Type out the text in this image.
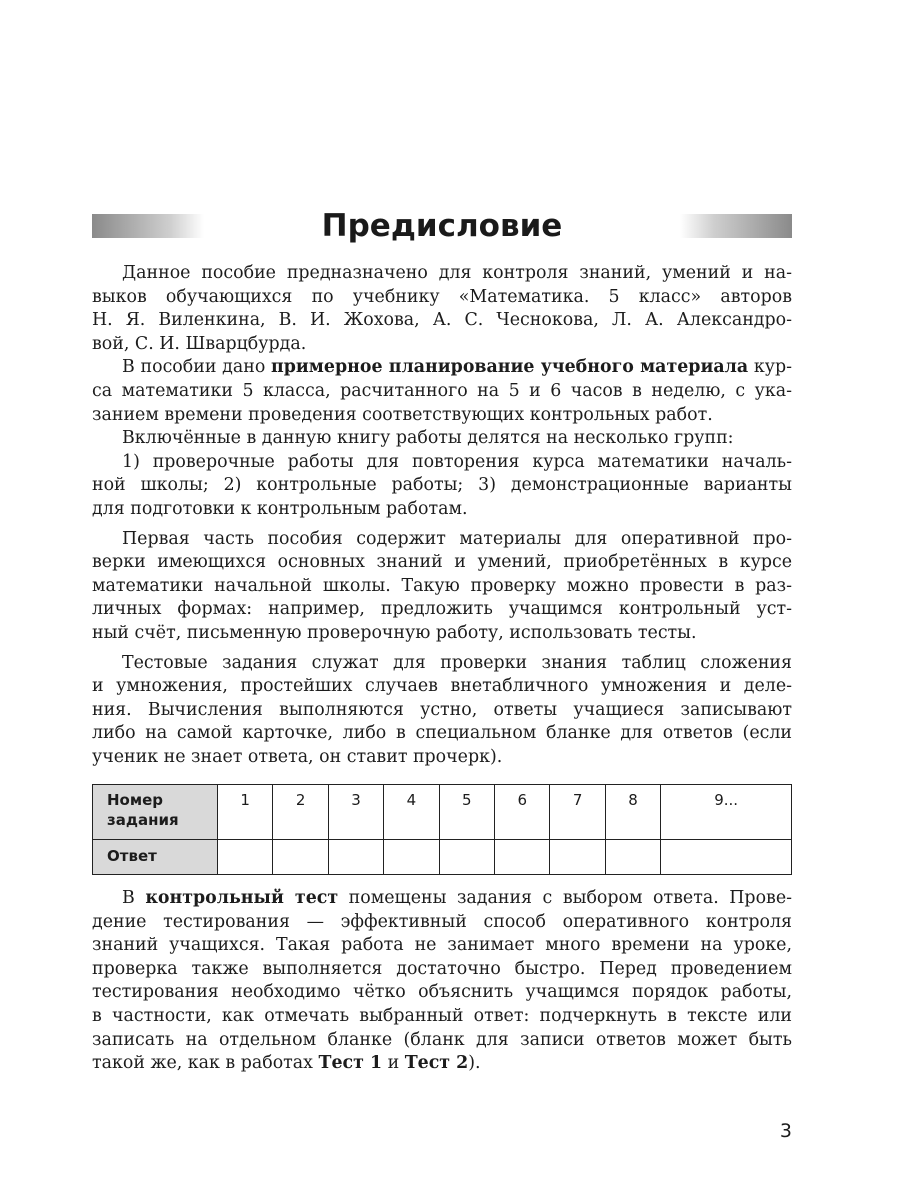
Предисловие
Данное пособие предназначено для контроля знаний, умений и на-
выков обучающихся по учебнику «Математика. 5 класс» авторов
Н. Я. Виленкина, В. И. Жохова, А. С. Чеснокова, Л. А. Александро-
вой, С. И. Шварцбурда.
В пособии дано примерное планирование учебного материала кур-
са математики 5 класса, расчитанного на 5 и 6 часов в неделю, с ука-
занием времени проведения соответствующих контрольных работ.
Включённые в данную книгу работы делятся на несколько групп:
1) проверочные работы для повторения курса математики началь-
ной школы; 2) контрольные работы; 3) демонстрационные варианты
для подготовки к контрольным работам.
Первая часть пособия содержит материалы для оперативной про-
верки имеющихся основных знаний и умений, приобретённых в курсе
математики начальной школы. Такую проверку можно провести в раз-
личных формах: например, предложить учащимся контрольный уст-
ный счёт, письменную проверочную работу, использовать тесты.
Тестовые задания служат для проверки знания таблиц сложения
и умножения, простейших случаев внетабличного умножения и деле-
ния. Вычисления выполняются устно, ответы учащиеся записывают
либо на самой карточке, либо в специальном бланке для ответов (если
ученик не знает ответа, он ставит прочерк).
Номер
задания	1	2	3	4	5	6	7	8	9...
Ответ									
В контрольный тест помещены задания с выбором ответа. Прове-
дение тестирования — эффективный способ оперативного контроля
знаний учащихся. Такая работа не занимает много времени на уроке,
проверка также выполняется достаточно быстро. Перед проведением
тестирования необходимо чётко объяснить учащимся порядок работы,
в частности, как отмечать выбранный ответ: подчеркнуть в тексте или
записать на отдельном бланке (бланк для записи ответов может быть
такой же, как в работах Тест 1 и Тест 2).
3
